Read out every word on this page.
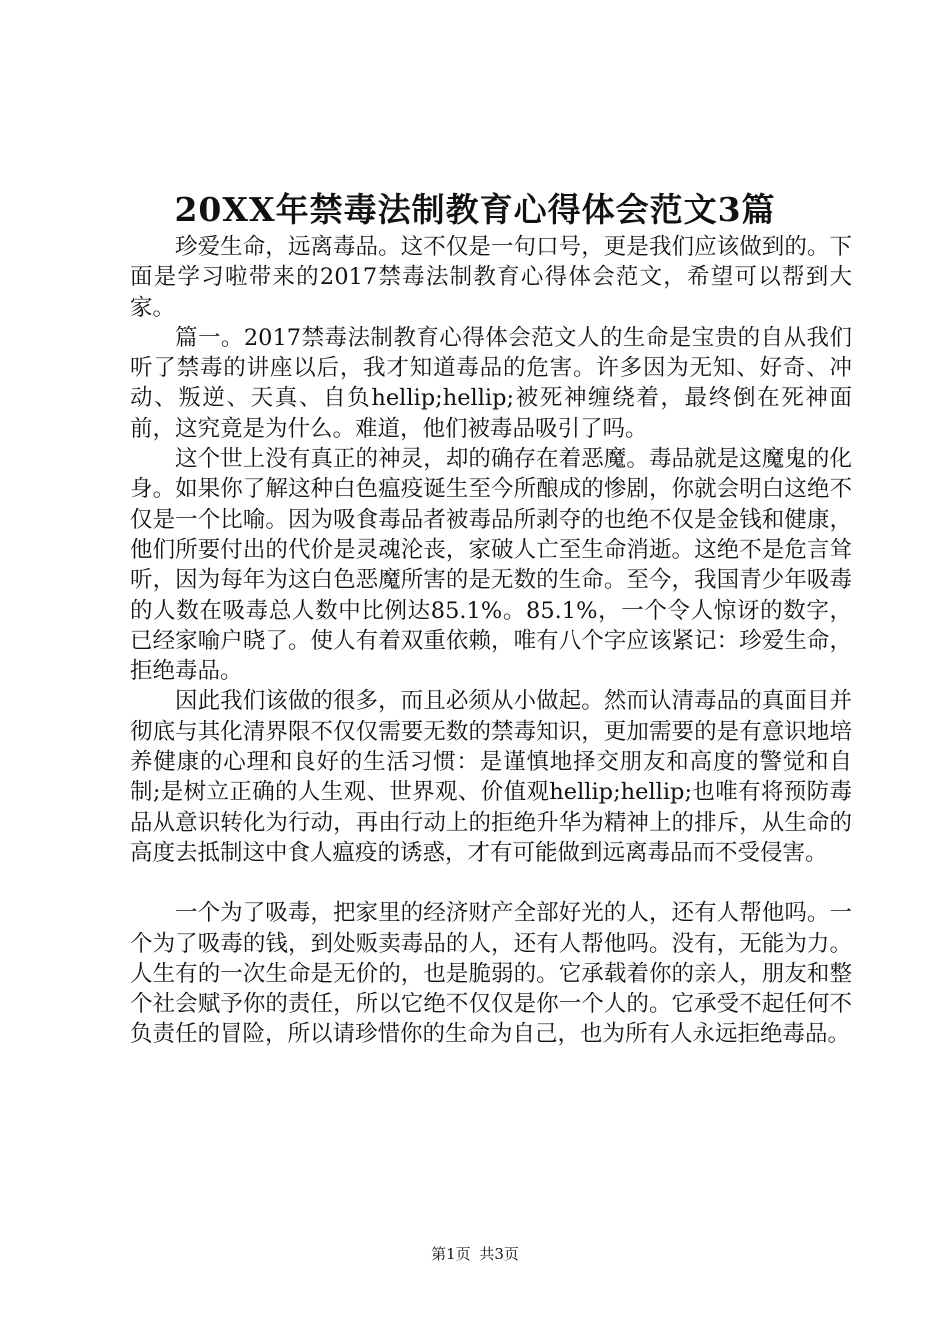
20XX年禁毒法制教育心得体会范文3篇

珍爱生命，远离毒品。这不仅是一句口号，更是我们应该做到的。下面是学习啦带来的2017禁毒法制教育心得体会范文，希望可以帮到大家。

篇一。2017禁毒法制教育心得体会范文人的生命是宝贵的自从我们听了禁毒的讲座以后，我才知道毒品的危害。许多因为无知、好奇、冲动、叛逆、天真、自负hellip;hellip;被死神缠绕着，最终倒在死神面前，这究竟是为什么。难道，他们被毒品吸引了吗。

这个世上没有真正的神灵，却的确存在着恶魔。毒品就是这魔鬼的化身。如果你了解这种白色瘟疫诞生至今所酿成的惨剧，你就会明白这绝不仅是一个比喻。因为吸食毒品者被毒品所剥夺的也绝不仅是金钱和健康，他们所要付出的代价是灵魂沦丧，家破人亡至生命消逝。这绝不是危言耸听，因为每年为这白色恶魔所害的是无数的生命。至今，我国青少年吸毒的人数在吸毒总人数中比例达85.1%。85.1%，一个令人惊讶的数字，已经家喻户晓了。使人有着双重依赖，唯有八个字应该紧记：珍爱生命，拒绝毒品。

因此我们该做的很多，而且必须从小做起。然而认清毒品的真面目并彻底与其化清界限不仅仅需要无数的禁毒知识，更加需要的是有意识地培养健康的心理和良好的生活习惯：是谨慎地择交朋友和高度的警觉和自制;是树立正确的人生观、世界观、价值观hellip;hellip;也唯有将预防毒品从意识转化为行动，再由行动上的拒绝升华为精神上的排斥，从生命的高度去抵制这中食人瘟疫的诱惑，才有可能做到远离毒品而不受侵害。

一个为了吸毒，把家里的经济财产全部好光的人，还有人帮他吗。一个为了吸毒的钱，到处贩卖毒品的人，还有人帮他吗。没有，无能为力。人生有的一次生命是无价的，也是脆弱的。它承载着你的亲人，朋友和整个社会赋予你的责任，所以它绝不仅仅是你一个人的。它承受不起任何不负责任的冒险，所以请珍惜你的生命为自己，也为所有人永远拒绝毒品。

第1页 共3页
